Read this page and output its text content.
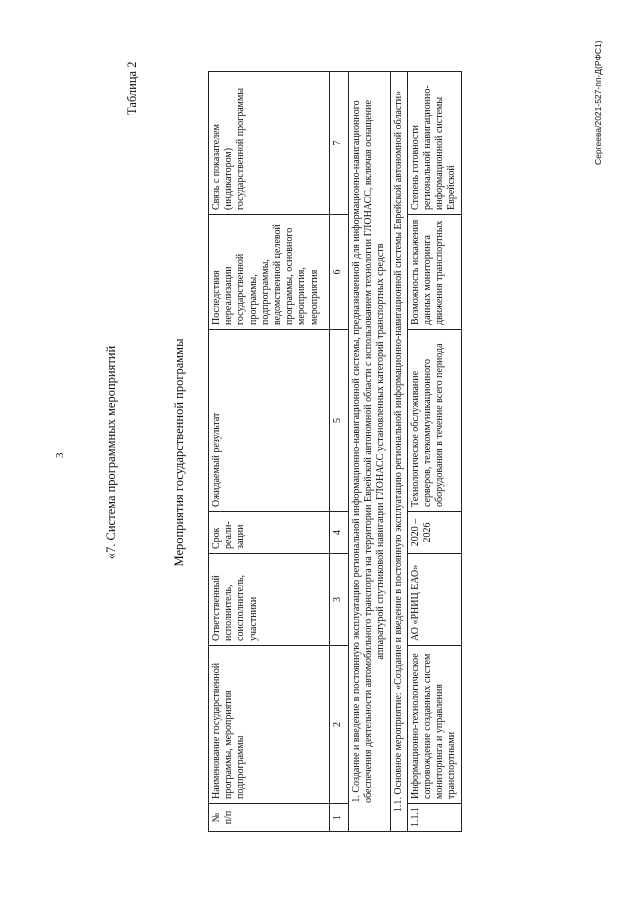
3
Таблица 2
«7. Система программных мероприятий	Мероприятия государственной программы
№ п/п	Наименование государственной программы, мероприятия подпрограммы	Ответственный исполнитель, соисполнитель, участники	Срок реали- зации	Ожидаемый результат	Последствия нереализации государственной программы, подпрограммы, ведомственной целевой программы, основного мероприятия, мероприятия	Связь с показателем (индикатором) государственной программы
1	2	3	4	5	6	7
1. Создание и введение в постоянную эксплуатацию региональной информационно-навигационной системы, предназначенной для информационно-навигационного обеспечения деятельности автомобильного транспорта на территории Еврейской автономной области с использованием технологии ГЛОНАСС, включая оснащение аппаратурой спутниковой навигации ГЛОНАСС установленных категорий транспортных средств						
1.1. Основное мероприятие: «Создание и введение в постоянную эксплуатацию региональной информационно-навигационной системы Еврейской автономной области»						
1.1.1	Информационно-технологическое сопровождение созданных систем мониторинга и управления транспортными	АО «РНИЦ ЕАО»	2020 – 2026	Технологическое обслуживание серверов, телекоммуникационного оборудования в течение всего периода	Возможность искажения данных мониторинга движения транспортных	Степень готовности региональной навигационно-информационной системы Еврейской
Сергеева/2021-527-пп-Д(РФС1)
